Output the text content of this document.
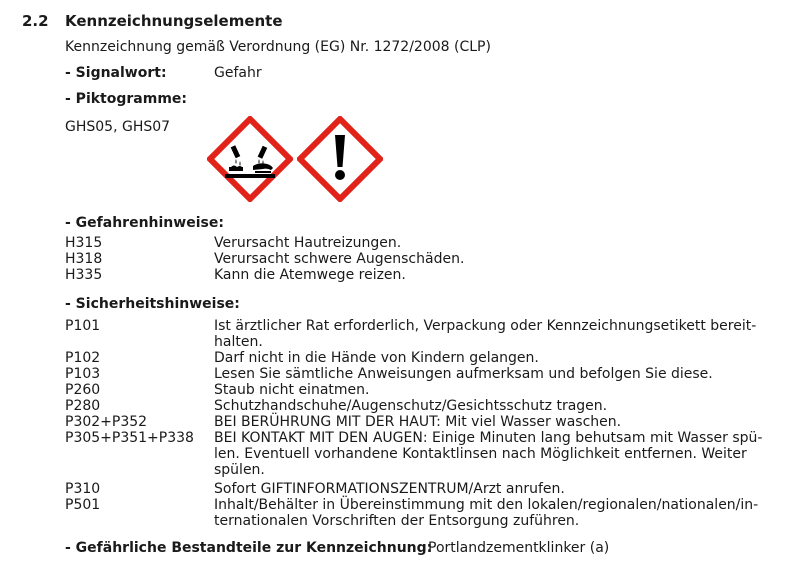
2.2 Kennzeichnungselemente
Kennzeichnung gemäß Verordnung (EG) Nr. 1272/2008 (CLP)
- Signalwort:	Gefahr
- Piktogramme:
GHS05, GHS07
- Gefahrenhinweise:
H315	Verursacht Hautreizungen.
H318	Verursacht schwere Augenschäden.
H335	Kann die Atemwege reizen.
- Sicherheitshinweise:
P101	Ist ärztlicher Rat erforderlich, Verpackung oder Kennzeichnungsetikett bereit-
halten.
P102	Darf nicht in die Hände von Kindern gelangen.
P103	Lesen Sie sämtliche Anweisungen aufmerksam und befolgen Sie diese.
P260	Staub nicht einatmen.
P280	Schutzhandschuhe/Augenschutz/Gesichtsschutz tragen.
P302+P352	BEI BERÜHRUNG MIT DER HAUT: Mit viel Wasser waschen.
P305+P351+P338 BEI KONTAKT MIT DEN AUGEN: Einige Minuten lang behutsam mit Wasser spü-
len. Eventuell vorhandene Kontaktlinsen nach Möglichkeit entfernen. Weiter
spülen.
P310	Sofort GIFTINFORMATIONSZENTRUM/Arzt anrufen.
P501	Inhalt/Behälter in Übereinstimmung mit den lokalen/regionalen/nationalen/in-
ternationalen Vorschriften der Entsorgung zuführen.
- Gefährliche Bestandteile zur Kennzeichnung:
Portlandzementklinker (a)
